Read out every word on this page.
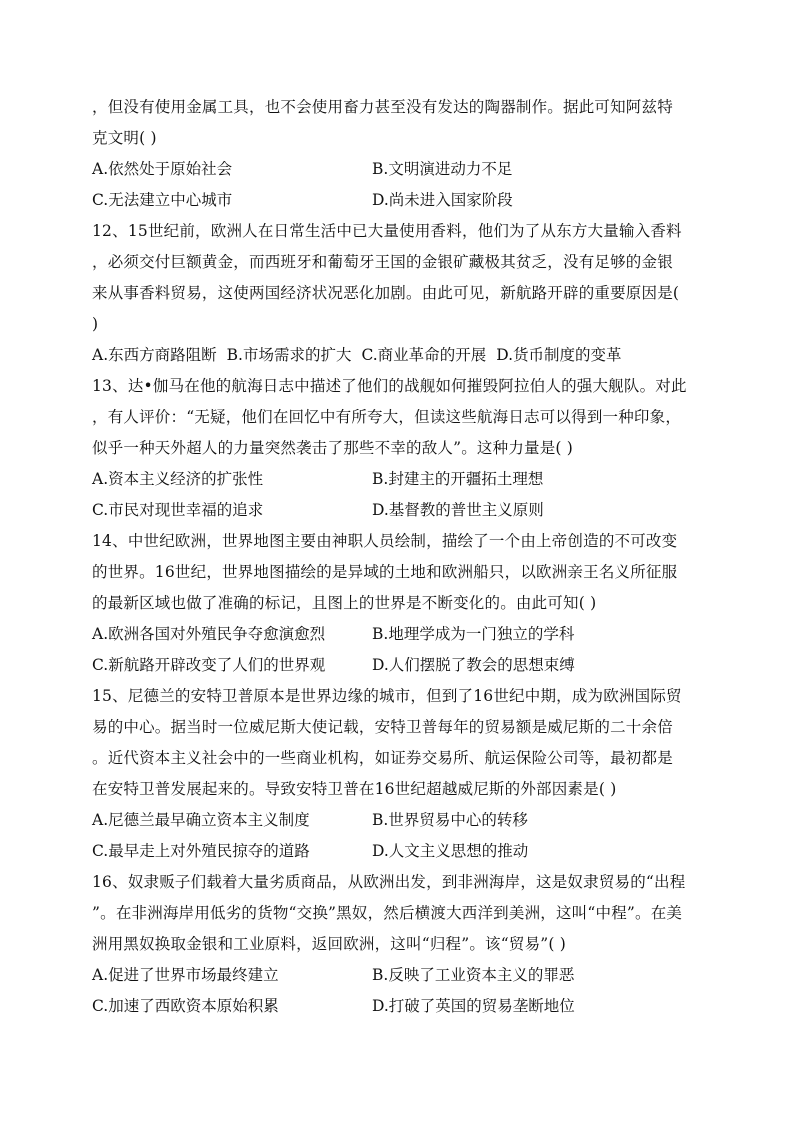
，但没有使用金属工具，也不会使用畜力甚至没有发达的陶器制作。据此可知阿兹特
克文明( )
A.依然处于原始社会	B.文明演进动力不足
C.无法建立中心城市	D.尚未进入国家阶段
12、15世纪前，欧洲人在日常生活中已大量使用香料，他们为了从东方大量输入香料
，必须交付巨额黄金，而西班牙和葡萄牙王国的金银矿藏极其贫乏，没有足够的金银
来从事香料贸易，这使两国经济状况恶化加剧。由此可见，新航路开辟的重要原因是(
)
A.东西方商路阻断 B.市场需求的扩大 C.商业革命的开展 D.货币制度的变革
13、达•伽马在他的航海日志中描述了他们的战舰如何摧毁阿拉伯人的强大舰队。对此
，有人评价：“无疑，他们在回忆中有所夸大，但读这些航海日志可以得到一种印象，
似乎一种天外超人的力量突然袭击了那些不幸的敌人”。这种力量是( )
A.资本主义经济的扩张性	B.封建主的开疆拓土理想
C.市民对现世幸福的追求	D.基督教的普世主义原则
14、中世纪欧洲，世界地图主要由神职人员绘制，描绘了一个由上帝创造的不可改变
的世界。16世纪，世界地图描绘的是异域的土地和欧洲船只，以欧洲亲王名义所征服
的最新区域也做了准确的标记，且图上的世界是不断变化的。由此可知( )
A.欧洲各国对外殖民争夺愈演愈烈	B.地理学成为一门独立的学科
C.新航路开辟改变了人们的世界观	D.人们摆脱了教会的思想束缚
15、尼德兰的安特卫普原本是世界边缘的城市，但到了16世纪中期，成为欧洲国际贸
易的中心。据当时一位威尼斯大使记载，安特卫普每年的贸易额是威尼斯的二十余倍
。近代资本主义社会中的一些商业机构，如证券交易所、航运保险公司等，最初都是
在安特卫普发展起来的。导致安特卫普在16世纪超越威尼斯的外部因素是( )
A.尼德兰最早确立资本主义制度	B.世界贸易中心的转移
C.最早走上对外殖民掠夺的道路	D.人文主义思想的推动
16、奴隶贩子们载着大量劣质商品，从欧洲出发，到非洲海岸，这是奴隶贸易的“出程
”。在非洲海岸用低劣的货物“交换”黑奴，然后横渡大西洋到美洲，这叫“中程”。在美
洲用黑奴换取金银和工业原料，返回欧洲，这叫“归程”。该“贸易”( )
A.促进了世界市场最终建立	B.反映了工业资本主义的罪恶
C.加速了西欧资本原始积累	D.打破了英国的贸易垄断地位
